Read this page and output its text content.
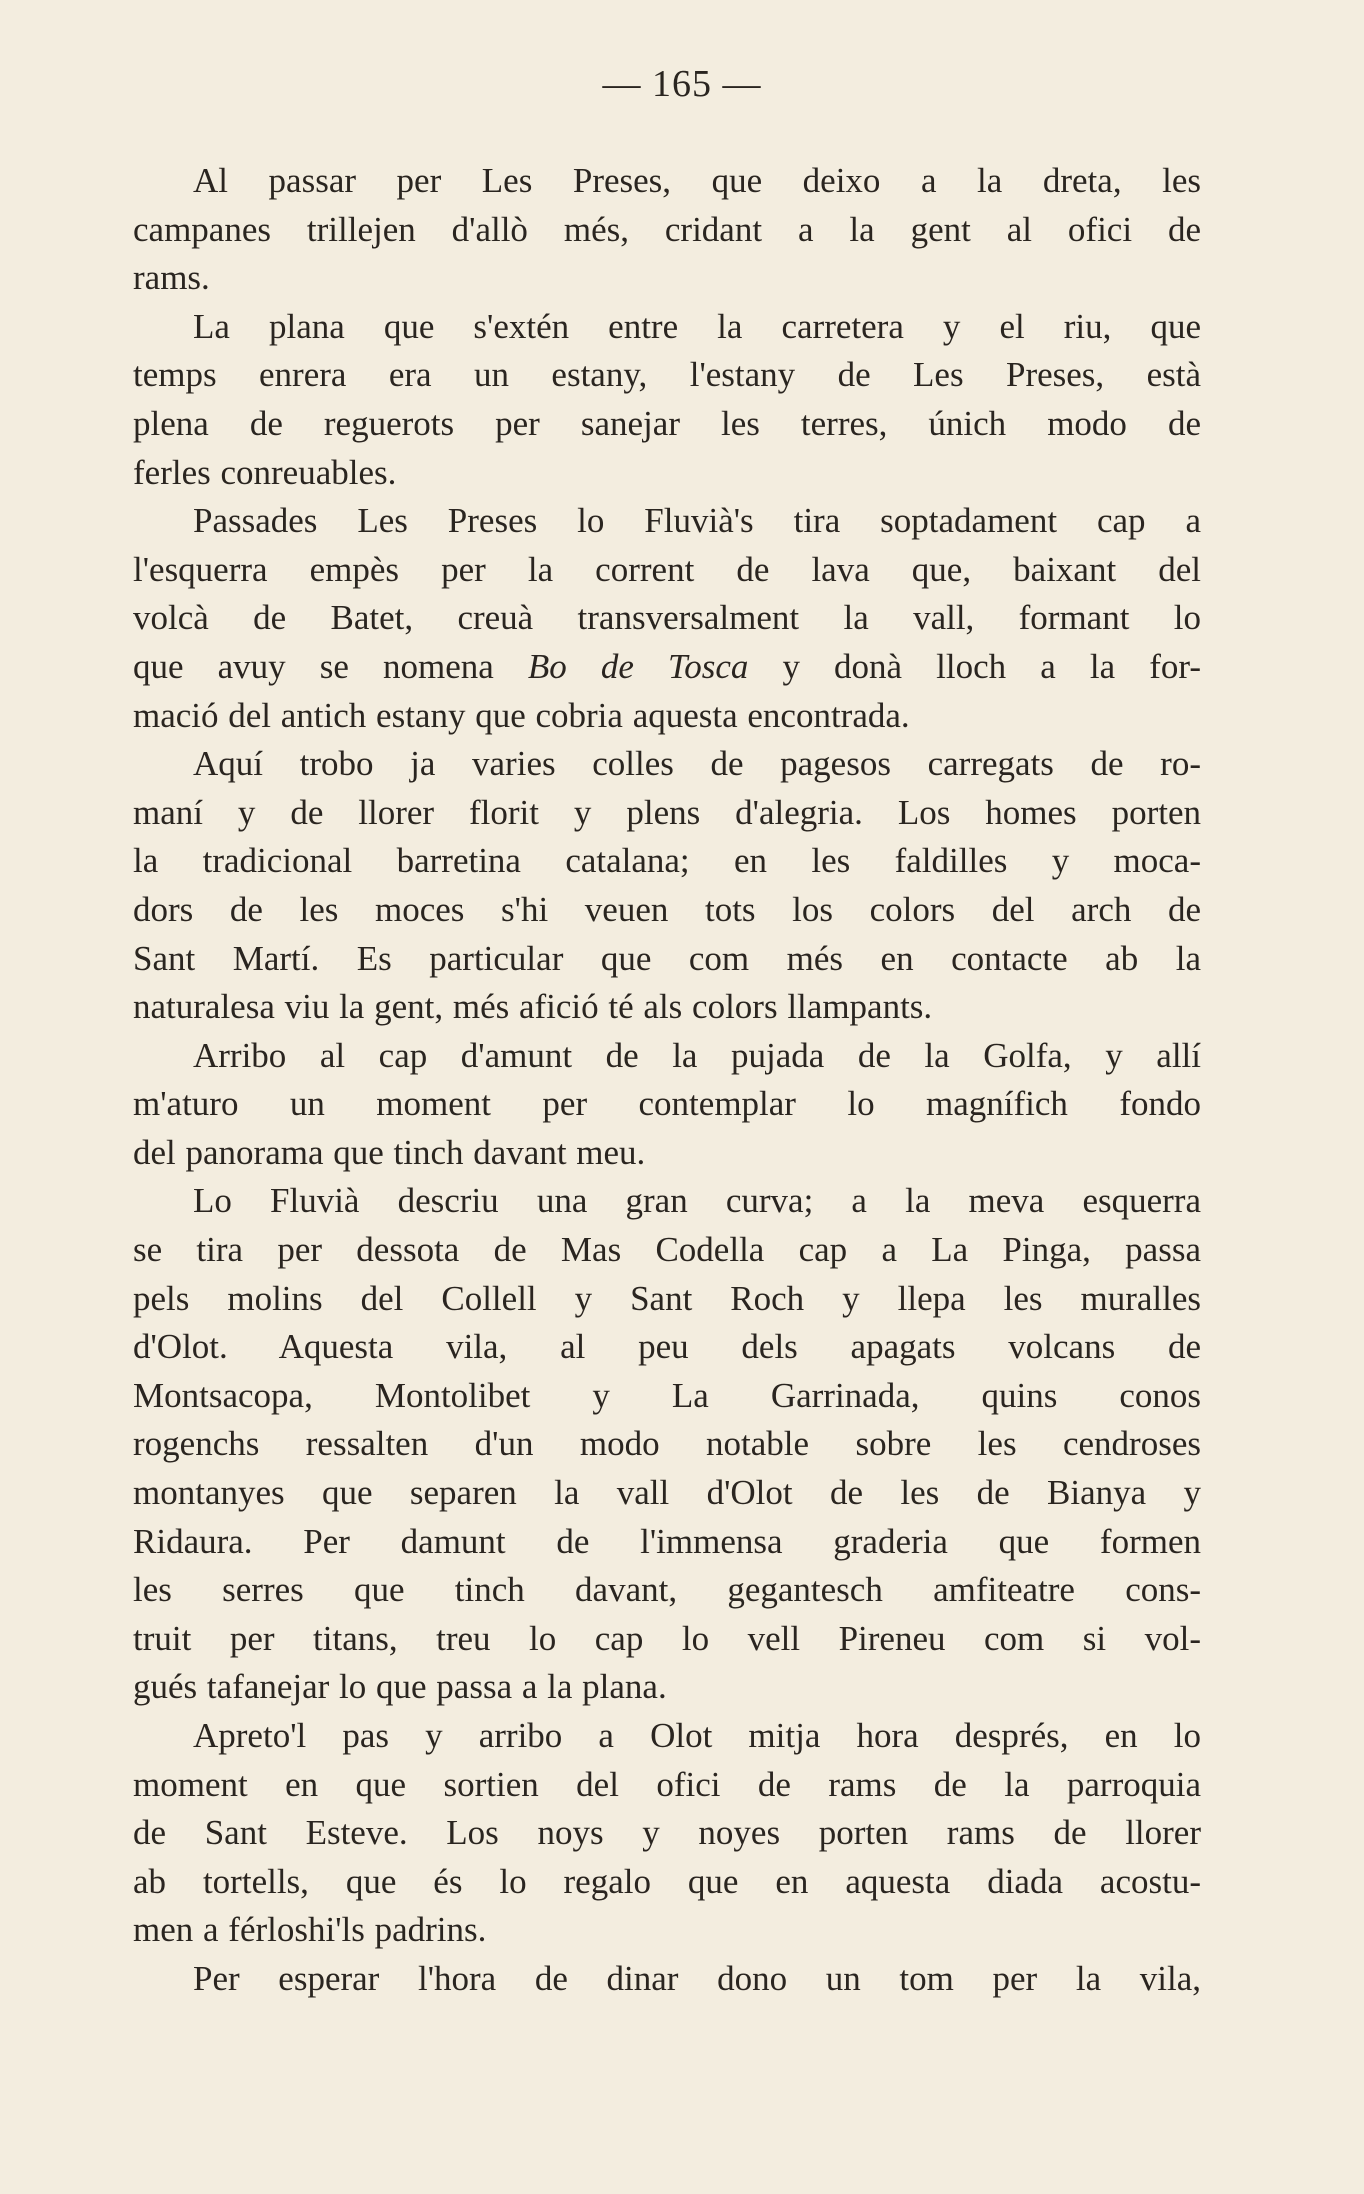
— 165 —
Al passar per Les Preses, que deixo a la dreta, les
campanes trillejen d'allò més, cridant a la gent al ofici de
rams.
La plana que s'extén entre la carretera y el riu, que
temps enrera era un estany, l'estany de Les Preses, està
plena de reguerots per sanejar les terres, únich modo de
ferles conreuables.
Passades Les Preses lo Fluvià's tira soptadament cap a
l'esquerra empès per la corrent de lava que, baixant del
volcà de Batet, creuà transversalment la vall, formant lo
que avuy se nomena Bo de Tosca y donà lloch a la for-
mació del antich estany que cobria aquesta encontrada.
Aquí trobo ja varies colles de pagesos carregats de ro-
maní y de llorer florit y plens d'alegria. Los homes porten
la tradicional barretina catalana; en les faldilles y moca-
dors de les moces s'hi veuen tots los colors del arch de
Sant Martí. Es particular que com més en contacte ab la
naturalesa viu la gent, més afició té als colors llampants.
Arribo al cap d'amunt de la pujada de la Golfa, y allí
m'aturo un moment per contemplar lo magnífich fondo
del panorama que tinch davant meu.
Lo Fluvià descriu una gran curva; a la meva esquerra
se tira per dessota de Mas Codella cap a La Pinga, passa
pels molins del Collell y Sant Roch y llepa les muralles
d'Olot. Aquesta vila, al peu dels apagats volcans de
Montsacopa, Montolibet y La Garrinada, quins conos
rogenchs ressalten d'un modo notable sobre les cendroses
montanyes que separen la vall d'Olot de les de Bianya y
Ridaura. Per damunt de l'immensa graderia que formen
les serres que tinch davant, gegantesch amfiteatre cons-
truit per titans, treu lo cap lo vell Pireneu com si vol-
gués tafanejar lo que passa a la plana.
Apreto'l pas y arribo a Olot mitja hora després, en lo
moment en que sortien del ofici de rams de la parroquia
de Sant Esteve. Los noys y noyes porten rams de llorer
ab tortells, que és lo regalo que en aquesta diada acostu-
men a férloshi'ls padrins.
Per esperar l'hora de dinar dono un tom per la vila,
